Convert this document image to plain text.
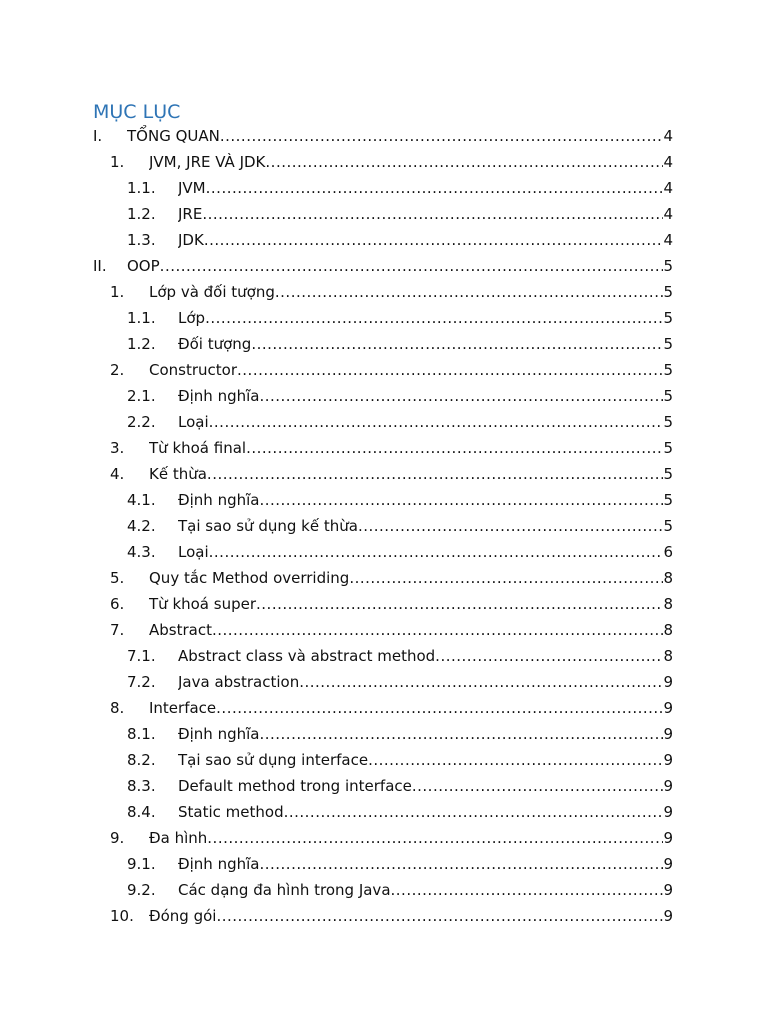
MỤC LỤC
I. TỔNG QUAN .....	4
1. JVM, JRE VÀ JDK .....	4
1.1. JVM .....	4
1.2. JRE .....	4
1.3. JDK .....	4
II. OOP .....	5
1. Lớp và đối tượng .....	5
1.1. Lớp .....	5
1.2. Đối tượng .....	5
2. Constructor .....	5
2.1. Định nghĩa .....	5
2.2. Loại .....	5
3. Từ khoá final .....	5
4. Kế thừa .....	5
4.1. Định nghĩa .....	5
4.2. Tại sao sử dụng kế thừa .....	5
4.3. Loại .....	6
5. Quy tắc Method overriding .....	8
6. Từ khoá super .....	8
7. Abstract .....	8
7.1. Abstract class và abstract method .....	8
7.2. Java abstraction .....	9
8. Interface .....	9
8.1. Định nghĩa .....	9
8.2. Tại sao sử dụng interface .....	9
8.3. Default method trong interface .....	9
8.4. Static method .....	9
9. Đa hình .....	9
9.1. Định nghĩa .....	9
9.2. Các dạng đa hình trong Java .....	9
10. Đóng gói .....	9
